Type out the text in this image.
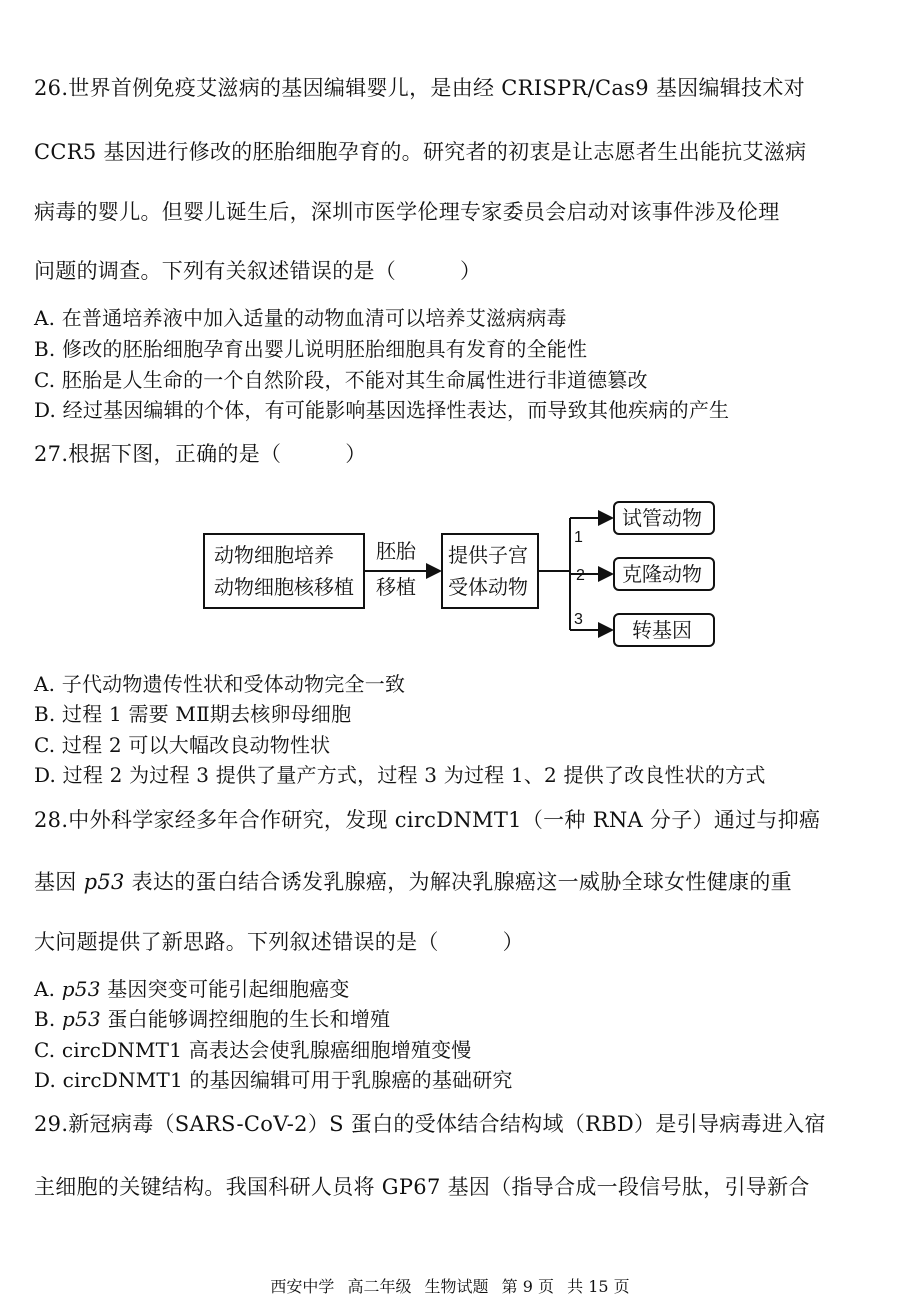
26.世界首例免疫艾滋病的基因编辑婴儿，是由经 CRISPR/Cas9 基因编辑技术对
CCR5 基因进行修改的胚胎细胞孕育的。研究者的初衷是让志愿者生出能抗艾滋病
病毒的婴儿。但婴儿诞生后，深圳市医学伦理专家委员会启动对该事件涉及伦理
问题的调查。下列有关叙述错误的是（　　　）
A. 在普通培养液中加入适量的动物血清可以培养艾滋病病毒
B. 修改的胚胎细胞孕育出婴儿说明胚胎细胞具有发育的全能性
C. 胚胎是人生命的一个自然阶段，不能对其生命属性进行非道德篡改
D. 经过基因编辑的个体，有可能影响基因选择性表达，而导致其他疾病的产生
27.根据下图，正确的是（　　　）
动物细胞培养
动物细胞核移植
胚胎
移植
提供子宫
受体动物
1
2
3
试管动物
克隆动物
转基因
A. 子代动物遗传性状和受体动物完全一致
B. 过程 1 需要 MⅡ期去核卵母细胞
C. 过程 2 可以大幅改良动物性状
D. 过程 2 为过程 3 提供了量产方式，过程 3 为过程 1、2 提供了改良性状的方式
28.中外科学家经多年合作研究，发现 circDNMT1（一种 RNA 分子）通过与抑癌
基因 p53 表达的蛋白结合诱发乳腺癌，为解决乳腺癌这一威胁全球女性健康的重
大问题提供了新思路。下列叙述错误的是（　　　）
A. p53 基因突变可能引起细胞癌变
B. p53 蛋白能够调控细胞的生长和增殖
C. circDNMT1 高表达会使乳腺癌细胞增殖变慢
D. circDNMT1 的基因编辑可用于乳腺癌的基础研究
29.新冠病毒（SARS-CoV-2）S 蛋白的受体结合结构域（RBD）是引导病毒进入宿
主细胞的关键结构。我国科研人员将 GP67 基因（指导合成一段信号肽，引导新合
西安中学 高二年级 生物试题 第 9 页 共 15 页
